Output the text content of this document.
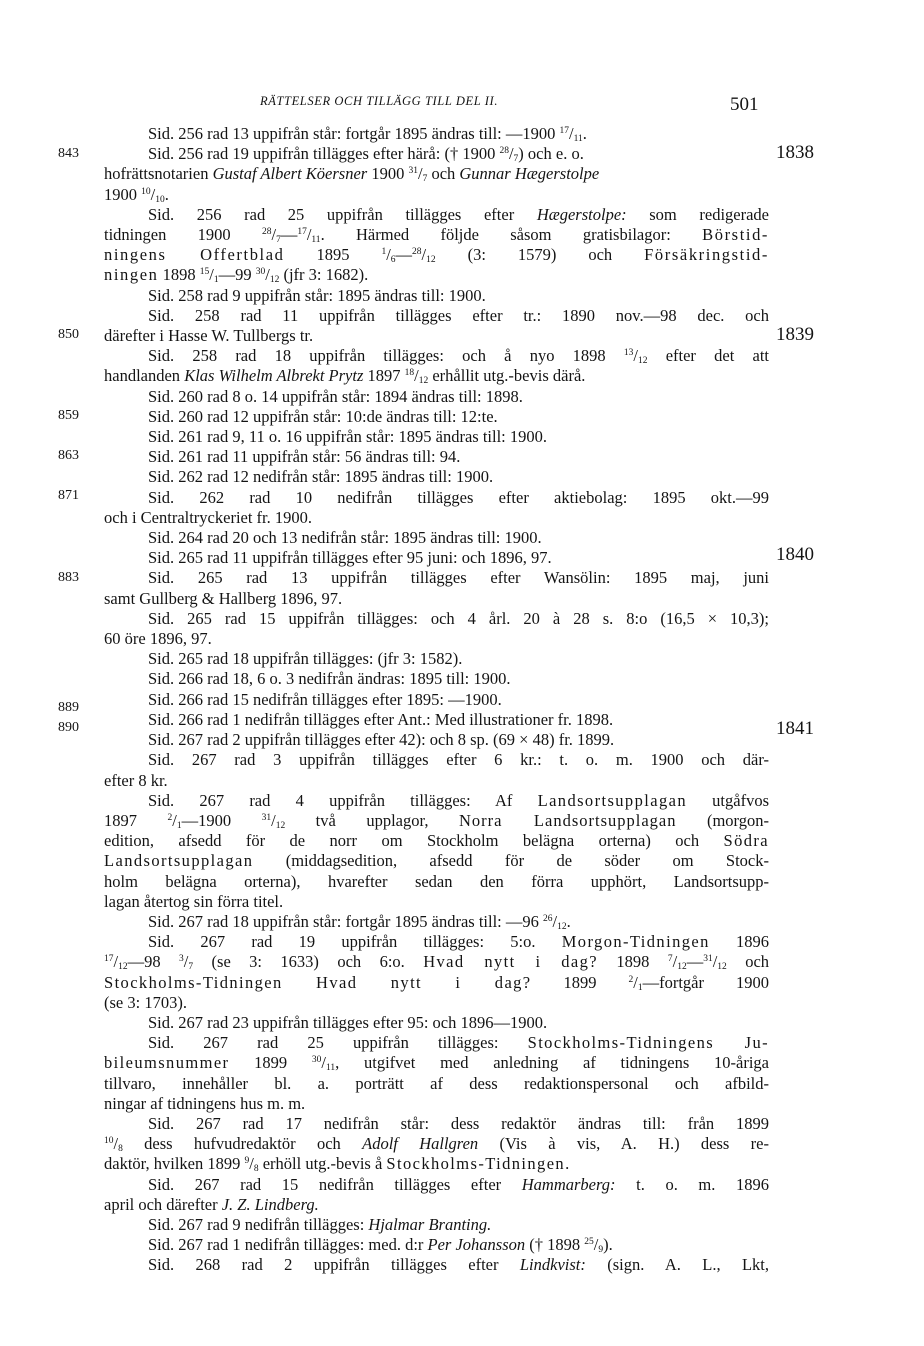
RÄTTELSER OCH TILLÄGG TILL DEL II.	501
843
850
859
863
871
883
889
890
1838
1839
1840
1841

Sid. 256 rad 13 uppifrån står: fortgår 1895 ändras till: —1900 $^{17}/_{11}$.

Sid. 256 rad 19 uppifrån tillägges efter härå: († 1900 $^{28}/_7$) och e. o.

hofrättsnotarien Gustaf Albert Köersner 1900 $^{31}/_7$ och Gunnar Hægerstolpe
1900 $^{10}/_{10}$.

Sid. 256 rad 25 uppifrån tillägges efter Hægerstolpe: som redigerade

tidningen 1900 $^{28}/_7—^{17}/_{11}$. Härmed följde såsom gratisbilagor: Börstid-
ningens Offertblad 1895 $^1/_6—^{28}/_{12}$ (3: 1579) och Försäkringstid-
ningen 1898 $^{15}/_1—99$ $^{30}/_{12}$ (jfr 3: 1682).

Sid. 258 rad 9 uppifrån står: 1895 ändras till: 1900.

Sid. 258 rad 11 uppifrån tillägges efter tr.: 1890 nov.—98 dec. och

därefter i Hasse W. Tullbergs tr.

Sid. 258 rad 18 uppifrån tillägges: och å nyo 1898 $^{13}/_{12}$ efter det att

handlanden Klas Wilhelm Albrekt Prytz 1897 $^{18}/_{12}$ erhållit utg.-bevis därå.

Sid. 260 rad 8 o. 14 uppifrån står: 1894 ändras till: 1898.

Sid. 260 rad 12 uppifrån står: 10:de ändras till: 12:te.

Sid. 261 rad 9, 11 o. 16 uppifrån står: 1895 ändras till: 1900.

Sid. 261 rad 11 uppifrån står: 56 ändras till: 94.

Sid. 262 rad 12 nedifrån står: 1895 ändras till: 1900.

Sid. 262 rad 10 nedifrån tillägges efter aktiebolag: 1895 okt.—99

och i Centraltryckeriet fr. 1900.

Sid. 264 rad 20 och 13 nedifrån står: 1895 ändras till: 1900.

Sid. 265 rad 11 uppifrån tillägges efter 95 juni: och 1896, 97.

Sid. 265 rad 13 uppifrån tillägges efter Wansölin: 1895 maj, juni

samt Gullberg & Hallberg 1896, 97.

Sid. 265 rad 15 uppifrån tillägges: och 4 årl. 20 à 28 s. 8:o (16,5 × 10,3);

60 öre 1896, 97.

Sid. 265 rad 18 uppifrån tillägges: (jfr 3: 1582).

Sid. 266 rad 18, 6 o. 3 nedifrån ändras: 1895 till: 1900.

Sid. 266 rad 15 nedifrån tillägges efter 1895: —1900.

Sid. 266 rad 1 nedifrån tillägges efter Ant.: Med illustrationer fr. 1898.

Sid. 267 rad 2 uppifrån tillägges efter 42): och 8 sp. (69 × 48) fr. 1899.

Sid. 267 rad 3 uppifrån tillägges efter 6 kr.: t. o. m. 1900 och där-

efter 8 kr.

Sid. 267 rad 4 uppifrån tillägges: Af Landsortsupplagan utgåfvos

1897 $^2/_1—1900$ $^{31}/_{12}$ två upplagor, Norra Landsortsupplagan (morgon-
edition, afsedd för de norr om Stockholm belägna orterna) och Södra
Landsortsupplagan (middagsedition, afsedd för de söder om Stock-
holm belägna orterna), hvarefter sedan den förra upphört, Landsortsupp-
lagan återtog sin förra titel.

Sid. 267 rad 18 uppifrån står: fortgår 1895 ändras till: —96 $^{26}/_{12}$.

Sid. 267 rad 19 uppifrån tillägges: 5:o. Morgon-Tidningen 1896

$^{17}/_{12}—98$ $^3/_7$ (se 3: 1633) och 6:o. Hvad nytt i dag? 1898 $^7/_{12}—^{31}/_{12}$ och
Stockholms-Tidningen Hvad nytt i dag? 1899 $^2/_1—fortgår$ 1900
(se 3: 1703).

Sid. 267 rad 23 uppifrån tillägges efter 95: och 1896—1900.

Sid. 267 rad 25 uppifrån tillägges: Stockholms-Tidningens Ju-

bileumsnummer 1899 $^{30}/_{11}$, utgifvet med anledning af tidningens 10-åriga
tillvaro, innehåller bl. a. porträtt af dess redaktionspersonal och afbild-
ningar af tidningens hus m. m.

Sid. 267 rad 17 nedifrån står: dess redaktör ändras till: från 1899

$^{10}/_8$ dess hufvudredaktör och Adolf Hallgren (Vis à vis, A. H.) dess re-
daktör, hvilken 1899 $^9/_8$ erhöll utg.-bevis å Stockholms-Tidningen.

Sid. 267 rad 15 nedifrån tillägges efter Hammarberg: t. o. m. 1896

april och därefter J. Z. Lindberg.

Sid. 267 rad 9 nedifrån tillägges: Hjalmar Branting.

Sid. 267 rad 1 nedifrån tillägges: med. d:r Per Johansson († 1898 $^{25}/_9$).

Sid. 268 rad 2 uppifrån tillägges efter Lindkvist: (sign. A. L., Lkt,
